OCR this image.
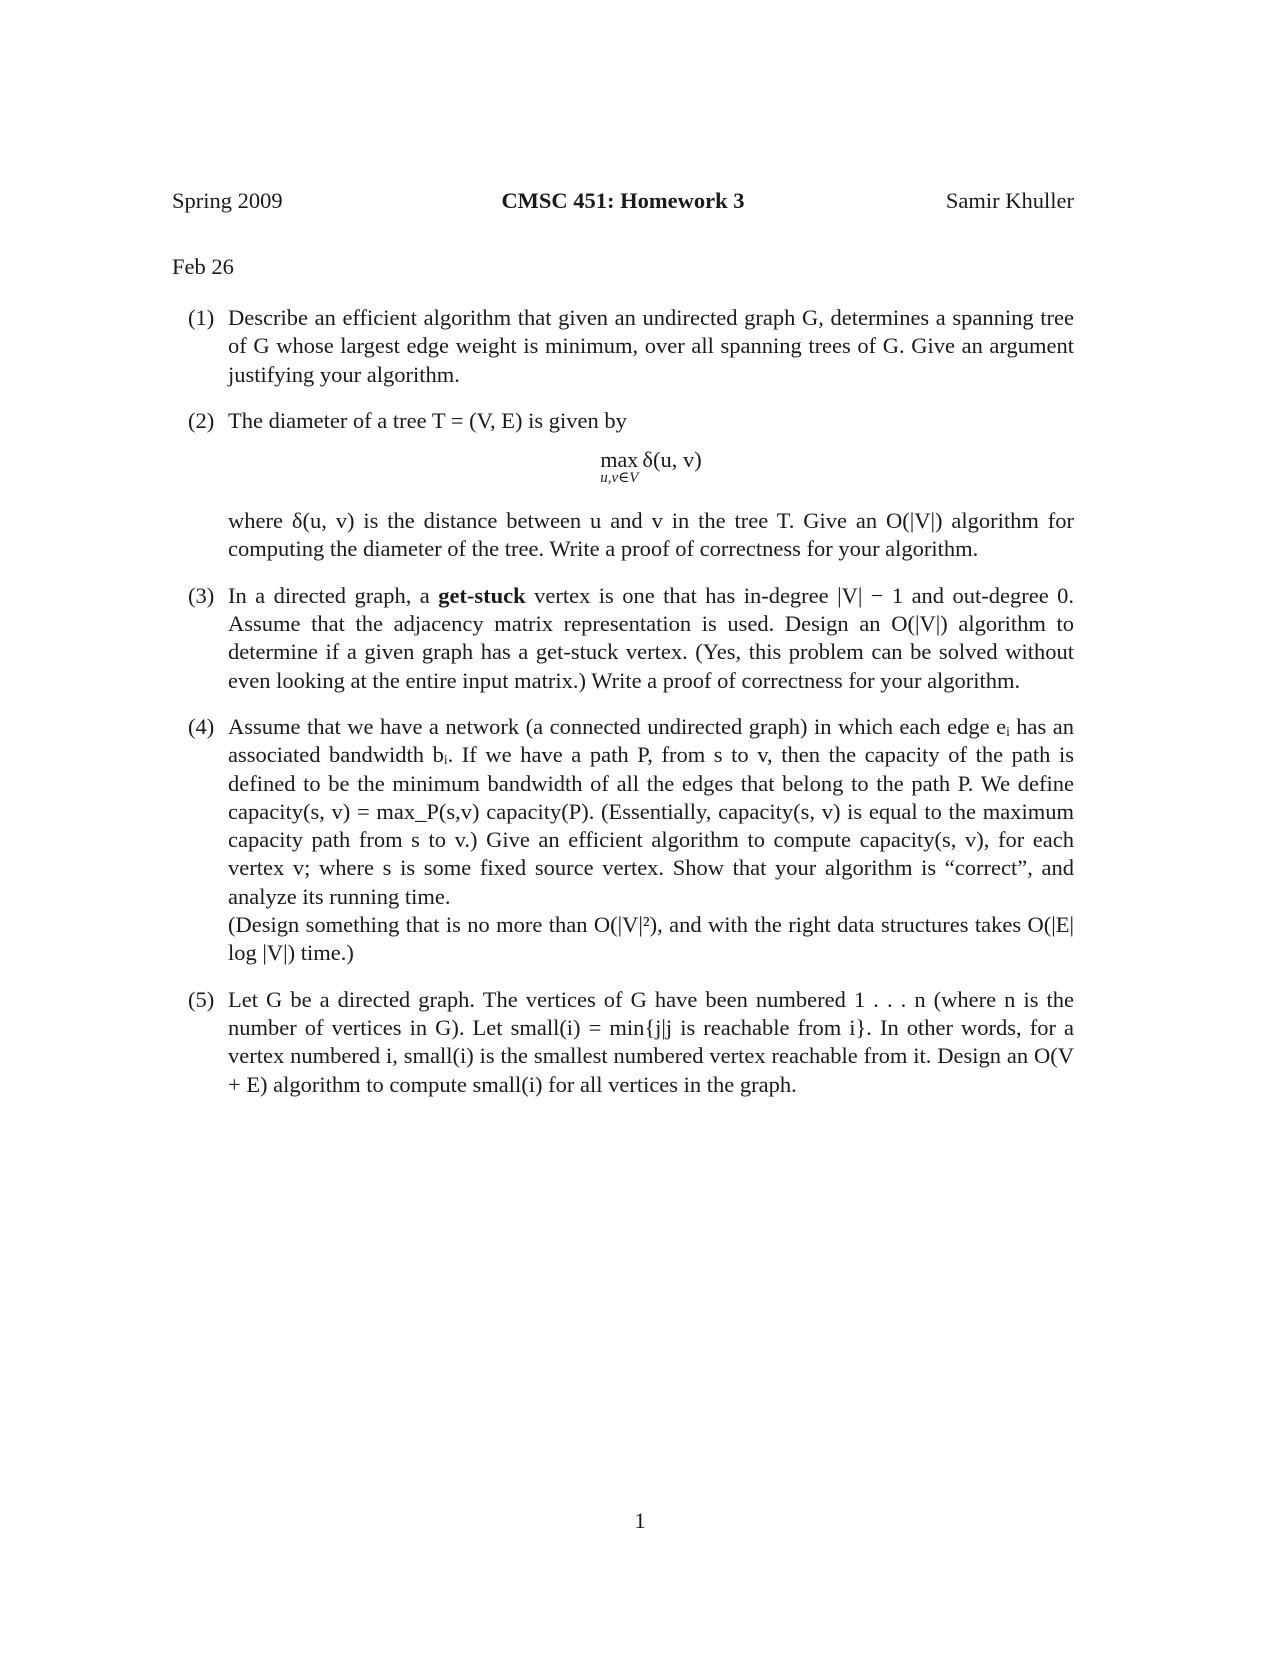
Spring 2009	CMSC 451: Homework 3	Samir Khuller
Feb 26
(1) Describe an efficient algorithm that given an undirected graph G, determines a spanning tree of G whose largest edge weight is minimum, over all spanning trees of G. Give an argument justifying your algorithm.

(2) The diameter of a tree T = (V, E) is given by

max
u,v∈V
δ(u, v)

where δ(u, v) is the distance between u and v in the tree T. Give an O(|V|) algorithm for computing the diameter of the tree. Write a proof of correctness for your algorithm.

(3) In a directed graph, a get-stuck vertex is one that has in-degree |V| − 1 and out-degree 0. Assume that the adjacency matrix representation is used. Design an O(|V|) algorithm to determine if a given graph has a get-stuck vertex. (Yes, this problem can be solved without even looking at the entire input matrix.) Write a proof of correctness for your algorithm.

(4) Assume that we have a network (a connected undirected graph) in which each edge eᵢ has an associated bandwidth bᵢ. If we have a path P, from s to v, then the capacity of the path is defined to be the minimum bandwidth of all the edges that belong to the path P. We define capacity(s, v) = max_P(s,v) capacity(P). (Essentially, capacity(s, v) is equal to the maximum capacity path from s to v.) Give an efficient algorithm to compute capacity(s, v), for each vertex v; where s is some fixed source vertex. Show that your algorithm is “correct”, and analyze its running time.

(Design something that is no more than O(|V|²), and with the right data structures takes O(|E| log |V|) time.)

(5) Let G be a directed graph. The vertices of G have been numbered 1 . . . n (where n is the number of vertices in G). Let small(i) = min{j|j is reachable from i}. In other words, for a vertex numbered i, small(i) is the smallest numbered vertex reachable from it. Design an O(V + E) algorithm to compute small(i) for all vertices in the graph.

1
